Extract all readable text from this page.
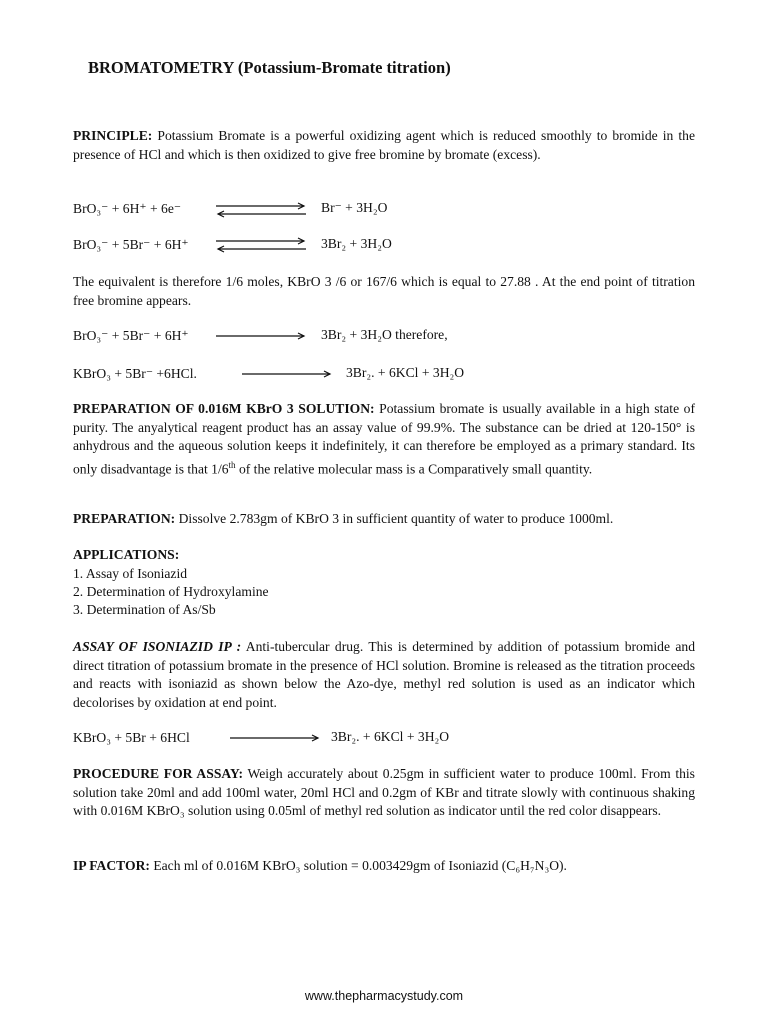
BROMATOMETRY (Potassium-Bromate titration)
PRINCIPLE: Potassium Bromate is a powerful oxidizing agent which is reduced smoothly to bromide in the presence of HCl and which is then oxidized to give free bromine by bromate (excess).
BrO₃⁻ + 6H⁺ + 6e⁻	Br⁻ + 3H₂O
BrO₃⁻ + 5Br⁻ + 6H⁺	3Br₂ + 3H₂O
The equivalent is therefore 1/6 moles, KBrO 3 /6 or 167/6 which is equal to 27.88 . At the end point of titration free bromine appears.
BrO₃⁻ + 5Br⁻ + 6H⁺	3Br₂ + 3H₂O therefore,
KBrO₃ + 5Br⁻ +6HCl.	3Br₂. + 6KCl + 3H₂O
PREPARATION OF 0.016M KBrO 3 SOLUTION: Potassium bromate is usually available in a high state of purity. The anyalytical reagent product has an assay value of 99.9%. The substance can be dried at 120-150° is anhydrous and the aqueous solution keeps it indefinitely, it can therefore be employed as a primary standard. Its only disadvantage is that 1/6th of the relative molecular mass is a Comparatively small quantity.
PREPARATION: Dissolve 2.783gm of KBrO 3 in sufficient quantity of water to produce 1000ml.
APPLICATIONS:
1. Assay of Isoniazid
2. Determination of Hydroxylamine
3. Determination of As/Sb
ASSAY OF ISONIAZID IP : Anti-tubercular drug. This is determined by addition of potassium bromide and direct titration of potassium bromate in the presence of HCl solution. Bromine is released as the titration proceeds and reacts with isoniazid as shown below the Azo-dye, methyl red solution is used as an indicator which decolorises by oxidation at end point.
KBrO₃ + 5Br + 6HCl	3Br₂. + 6KCl + 3H₂O
PROCEDURE FOR ASSAY: Weigh accurately about 0.25gm in sufficient water to produce 100ml. From this solution take 20ml and add 100ml water, 20ml HCl and 0.2gm of KBr and titrate slowly with continuous shaking with 0.016M KBrO₃ solution using 0.05ml of methyl red solution as indicator until the red color disappears.
IP FACTOR: Each ml of 0.016M KBrO₃ solution = 0.003429gm of Isoniazid (C₆H₇N₃O).
www.thepharmacystudy.com
